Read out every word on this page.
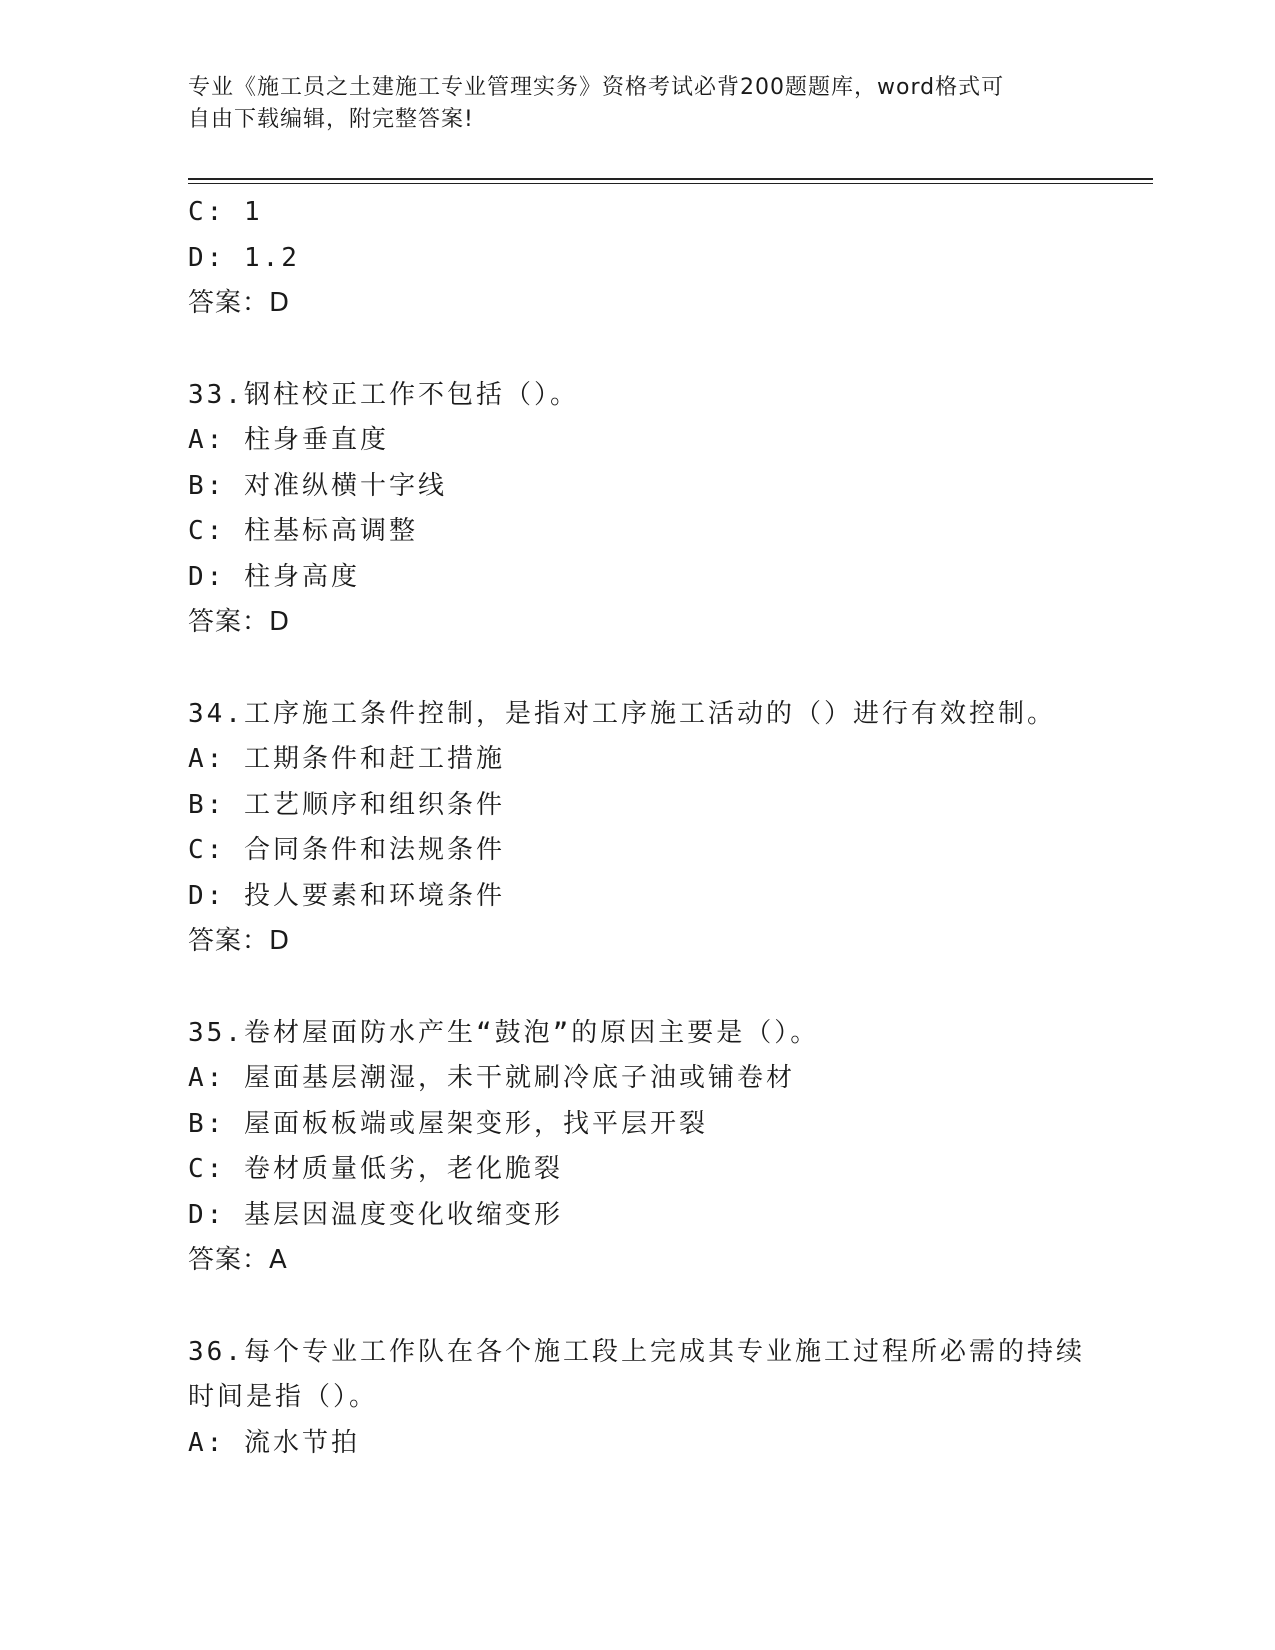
专业《施工员之土建施工专业管理实务》资格考试必背200题题库，word格式可
自由下载编辑，附完整答案!
C: 1
D: 1.2
答案：D
33.钢柱校正工作不包括（）。
A: 柱身垂直度
B: 对准纵横十字线
C: 柱基标高调整
D: 柱身高度
答案：D
34.工序施工条件控制，是指对工序施工活动的（）进行有效控制。
A: 工期条件和赶工措施
B: 工艺顺序和组织条件
C: 合同条件和法规条件
D: 投人要素和环境条件
答案：D
35.卷材屋面防水产生“鼓泡”的原因主要是（）。
A: 屋面基层潮湿，未干就刷冷底子油或铺卷材
B: 屋面板板端或屋架变形，找平层开裂
C: 卷材质量低劣，老化脆裂
D: 基层因温度变化收缩变形
答案：A
36.每个专业工作队在各个施工段上完成其专业施工过程所必需的持续
时间是指（）。
A: 流水节拍
